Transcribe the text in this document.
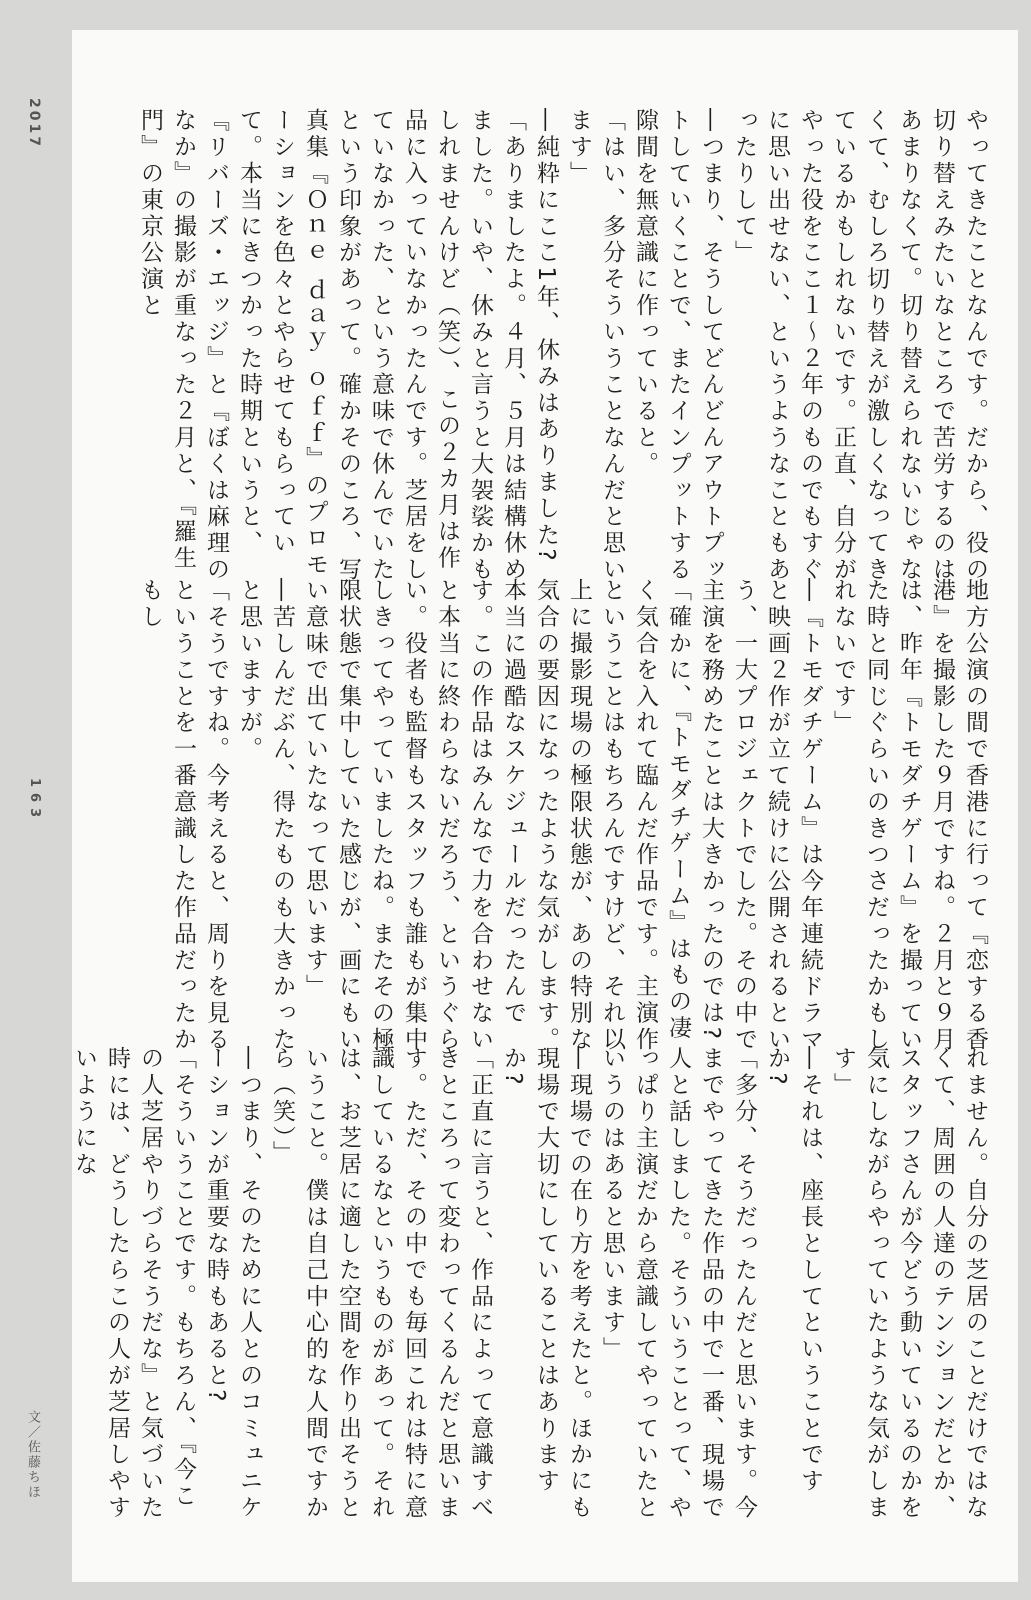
2017
163
文／佐藤ちほ

やってきたことなんです。だから、役の切り替えみたいなところで苦労するのはあまりなくて。切り替えられないじゃなくて、むしろ切り替えが激しくなってきているかもしれないです。正直、自分がやった役をここ１～２年のものでもすぐに思い出せない、というようなこともあったりして」

―つまり、そうしてどんどんアウトプットしていくことで、またインプットする隙間を無意識に作っていると。

「はい、多分そういうことなんだと思います」

―純粋にここ1年、休みはありました?

「ありましたよ。４月、５月は結構休めました。いや、休みと言うと大袈裟かもしれませんけど（笑）、この２カ月は作品に入っていなかったんです。芝居をしていなかった、という意味で休んでいたという印象があって。確かそのころ、写真集『Ｏｎｅ ｄａｙ ｏｆｆ』のプロモーションを色々とやらせてもらっていて。本当にきつかった時期というと、『リバーズ・エッジ』と『ぼくは麻理のなか』の撮影が重なった２月と、『羅生門』の東京公演と

地方公演の間で香港に行って『恋する香港』を撮影した９月ですね。２月と９月は、昨年『トモダチゲーム』を撮っていた時と同じぐらいのきつさだったかもしれないです」

―『トモダチゲーム』は今年連続ドラマと映画２作が立て続けに公開されるという、一大プロジェクトでした。その中で主演を務めたことは大きかったのでは?

「確かに、『トモダチゲーム』はもの凄く気合を入れて臨んだ作品です。主演作ということはもちろんですけど、それ以上に撮影現場の極限状態が、あの特別な気合の要因になったような気がします。本当に過酷なスケジュールだったんです。この作品はみんなで力を合わせないと本当に終わらないだろう、というぐらい。役者も監督もスタッフも誰もが集中しきってやっていましたね。またその極限状態で集中していた感じが、画にもいい意味で出ていたなって思います」

―苦しんだぶん、得たものも大きかったと思いますが。

「そうですね。今考えると、周りを見るということを一番意識した作品だったかもし

れません。自分の芝居のことだけではなくて、周囲の人達のテンションだとか、スタッフさんが今どう動いているのかを気にしながらやっていたような気がします」

―それは、座長としてということですか?

「多分、そうだったんだと思います。今までやってきた作品の中で一番、現場で人と話しました。そういうことって、やっぱり主演だから意識してやっていたというのはあると思います」

―現場での在り方を考えたと。ほかにも現場で大切にしていることはありますか?

「正直に言うと、作品によって意識すべきところって変わってくるんだと思います。ただ、その中でも毎回これは特に意識しているなというものがあって。それは、お芝居に適した空間を作り出そうということ。僕は自己中心的な人間ですから（笑）」

―つまり、そのために人とのコミュニケーションが重要な時もあると?

「そういうことです。もちろん、『今この人芝居やりづらそうだな』と気づいた時には、どうしたらこの人が芝居しやすいようにな
